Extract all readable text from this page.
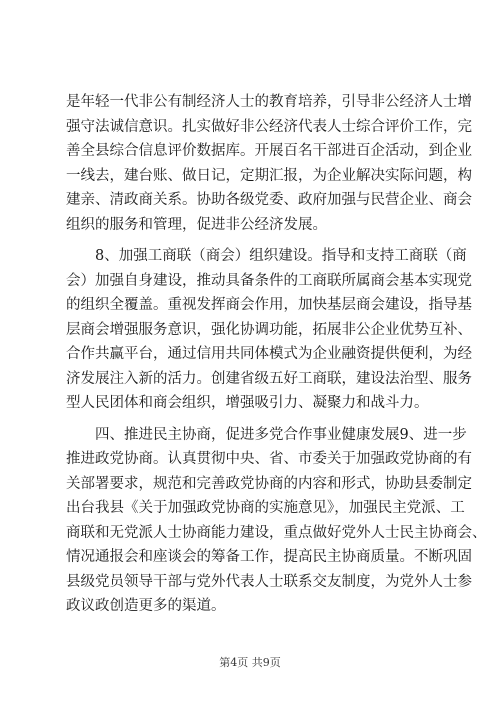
是年轻一代非公有制经济人士的教育培养，引导非公经济人士增
强守法诚信意识。扎实做好非公经济代表人士综合评价工作，完
善全县综合信息评价数据库。开展百名干部进百企活动，到企业
一线去，建台账、做日记，定期汇报，为企业解决实际问题，构
建亲、清政商关系。协助各级党委、政府加强与民营企业、商会
组织的服务和管理，促进非公经济发展。
　　8、加强工商联（商会）组织建设。指导和支持工商联（商
会）加强自身建设，推动具备条件的工商联所属商会基本实现党
的组织全覆盖。重视发挥商会作用，加快基层商会建设，指导基
层商会增强服务意识，强化协调功能，拓展非公企业优势互补、
合作共赢平台，通过信用共同体模式为企业融资提供便利，为经
济发展注入新的活力。创建省级五好工商联，建设法治型、服务
型人民团体和商会组织，增强吸引力、凝聚力和战斗力。
　　四、推进民主协商，促进多党合作事业健康发展9、进一步
推进政党协商。认真贯彻中央、省、市委关于加强政党协商的有
关部署要求，规范和完善政党协商的内容和形式，协助县委制定
出台我县《关于加强政党协商的实施意见》，加强民主党派、工
商联和无党派人士协商能力建设，重点做好党外人士民主协商会、
情况通报会和座谈会的筹备工作，提高民主协商质量。不断巩固
县级党员领导干部与党外代表人士联系交友制度，为党外人士参
政议政创造更多的渠道。
第4页 共9页
